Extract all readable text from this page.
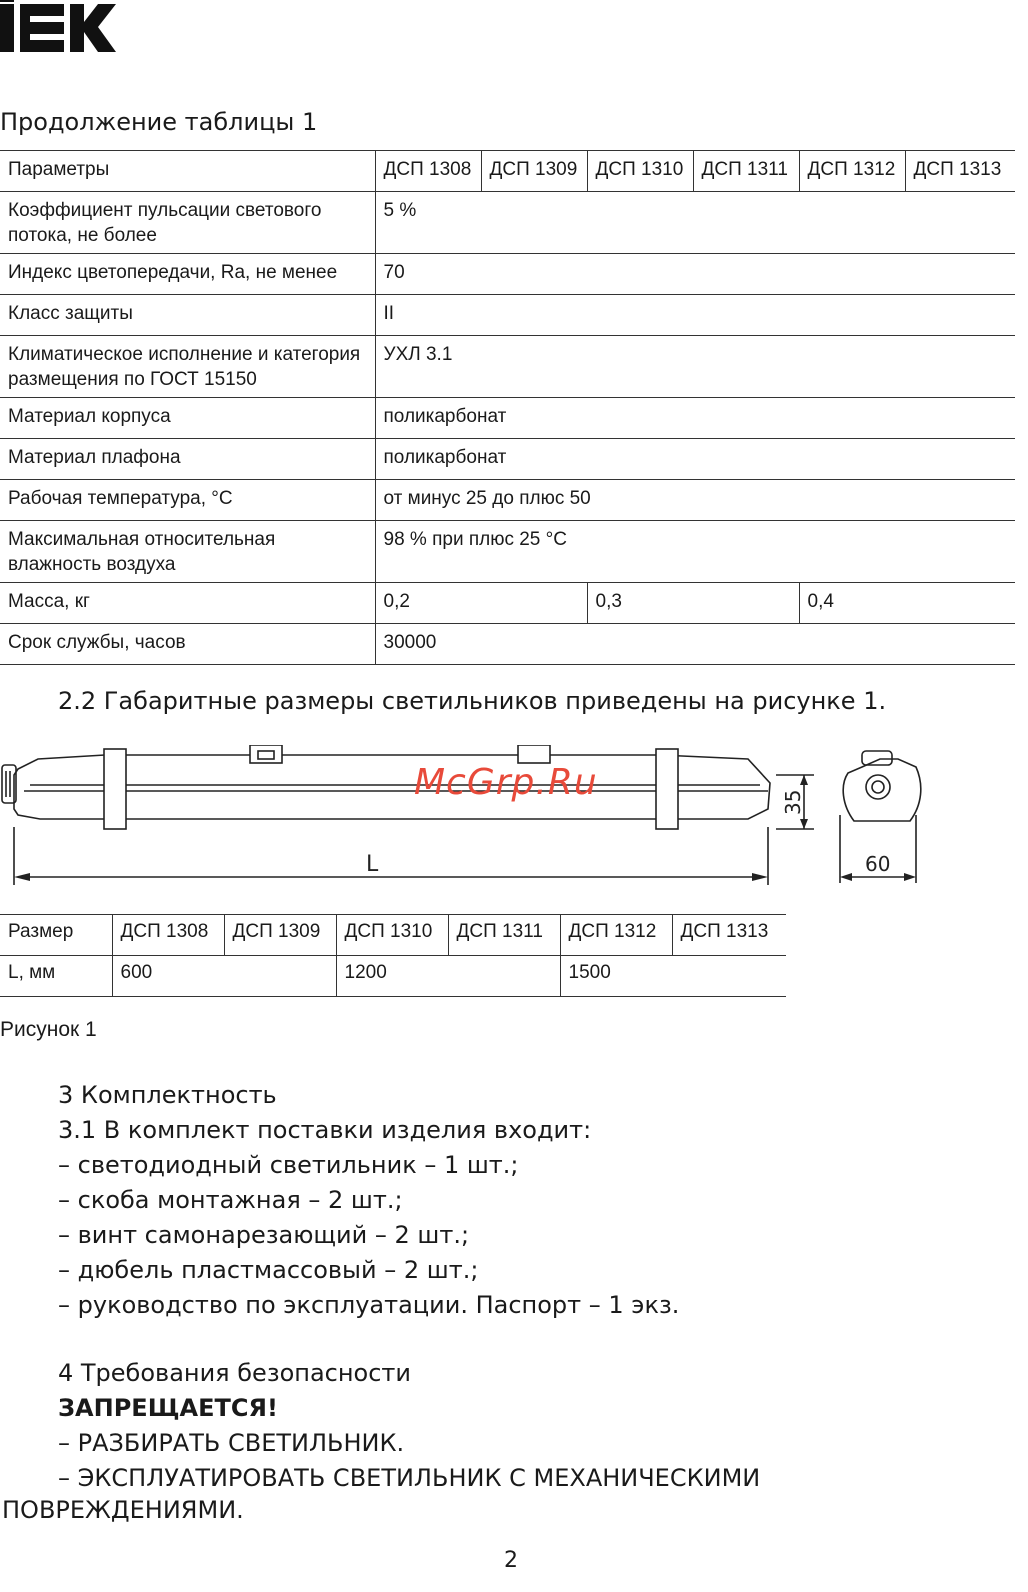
Продолжение таблицы 1
Параметры	ДСП 1308	ДСП 1309	ДСП 1310	ДСП 1311	ДСП 1312	ДСП 1313
Коэффициент пульсации светового потока, не более	5 %					
Индекс цветопередачи, Ra, не менее	70					
Класс защиты	II					
Климатическое исполнение и категория размещения по ГОСТ 15150	УХЛ 3.1					
Материал корпуса	поликарбонат					
Материал плафона	поликарбонат					
Рабочая температура, °С	от минус 25 до плюс 50					
Максимальная относительная влажность воздуха	98 % при плюс 25 °С					
Масса, кг	0,2		0,3		0,4	
Срок службы, часов	30000					
2.2 Габаритные размеры светильников приведены на рисунке 1.
L
35
60
McGrp.Ru
Размер	ДСП 1308	ДСП 1309	ДСП 1310	ДСП 1311	ДСП 1312	ДСП 1313
L, мм	600		1200		1500	
Рисунок 1
3 Комплектность
3.1 В комплект поставки изделия входит:
– светодиодный светильник – 1 шт.;
– скоба монтажная – 2 шт.;
– винт самонарезающий – 2 шт.;
– дюбель пластмассовый – 2 шт.;
– руководство по эксплуатации. Паспорт – 1 экз.
4 Требования безопасности
ЗАПРЕЩАЕТСЯ!
– РАЗБИРАТЬ СВЕТИЛЬНИК.
– ЭКСПЛУАТИРОВАТЬ СВЕТИЛЬНИК С МЕХАНИЧЕСКИМИ
ПОВРЕЖДЕНИЯМИ.
2
